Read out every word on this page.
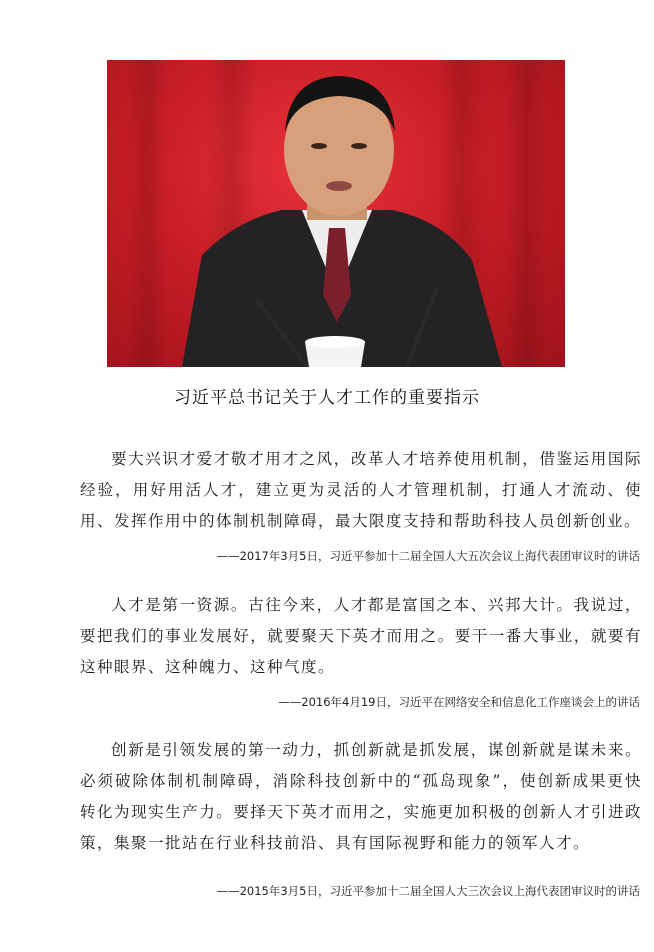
习近平总书记关于人才工作的重要指示

要大兴识才爱才敬才用才之风，改革人才培养使用机制，借鉴运用国际经验，用好用活人才，建立更为灵活的人才管理机制，打通人才流动、使用、发挥作用中的体制机制障碍，最大限度支持和帮助科技人员创新创业。

——2017年3月5日，习近平参加十二届全国人大五次会议上海代表团审议时的讲话

人才是第一资源。古往今来，人才都是富国之本、兴邦大计。我说过，要把我们的事业发展好，就要聚天下英才而用之。要干一番大事业，就要有这种眼界、这种魄力、这种气度。

——2016年4月19日，习近平在网络安全和信息化工作座谈会上的讲话

创新是引领发展的第一动力，抓创新就是抓发展，谋创新就是谋未来。必须破除体制机制障碍，消除科技创新中的“孤岛现象”，使创新成果更快转化为现实生产力。要择天下英才而用之，实施更加积极的创新人才引进政策，集聚一批站在行业科技前沿、具有国际视野和能力的领军人才。

——2015年3月5日，习近平参加十二届全国人大三次会议上海代表团审议时的讲话
